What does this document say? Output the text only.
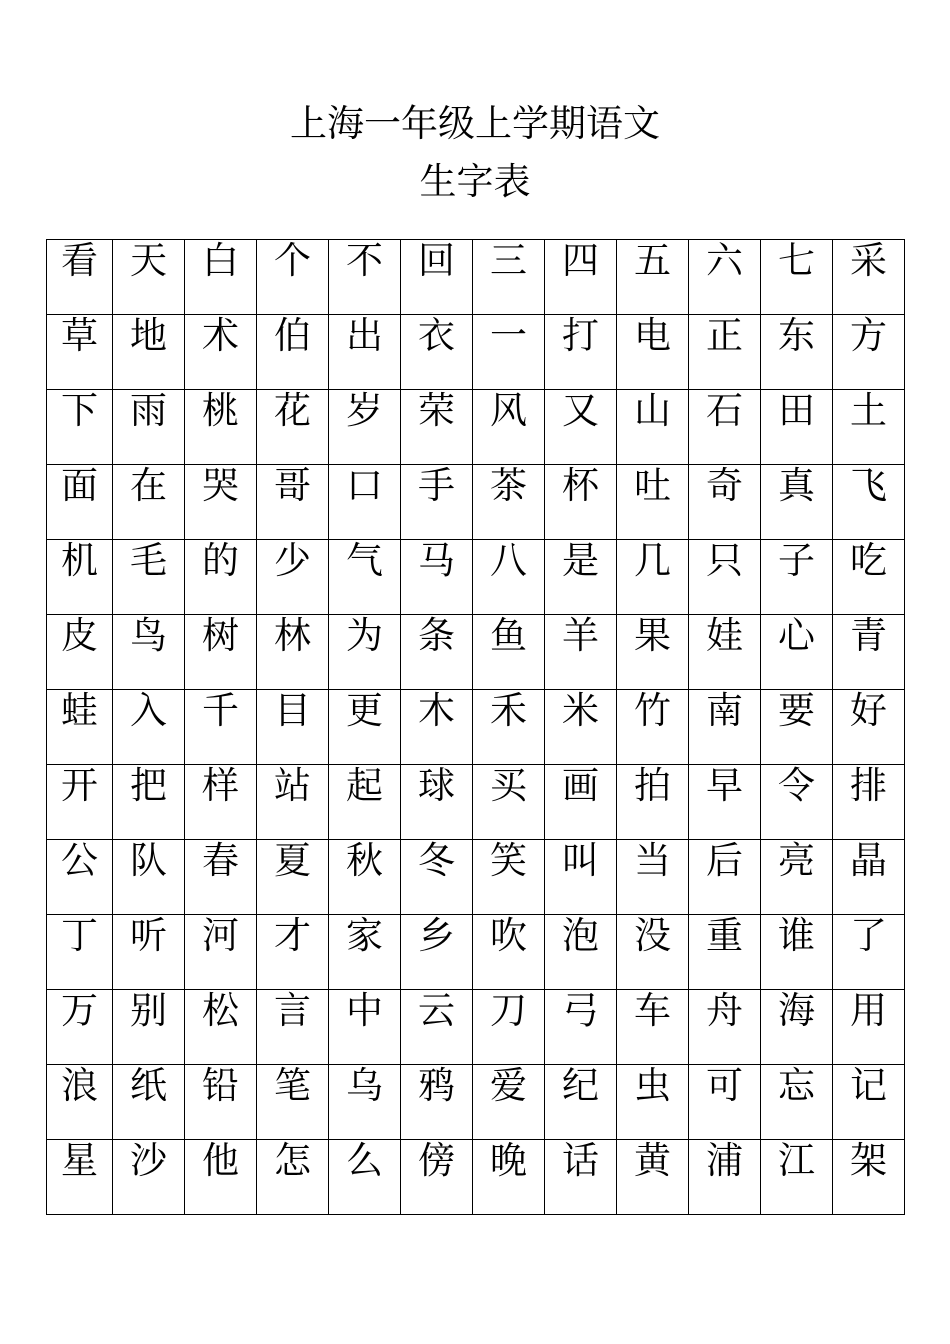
上海一年级上学期语文
生字表
看	天	白	个	不	回	三	四	五	六	七	采
草	地	术	伯	出	衣	一	打	电	正	东	方
下	雨	桃	花	岁	荣	风	又	山	石	田	土
面	在	哭	哥	口	手	茶	杯	吐	奇	真	飞
机	毛	的	少	气	马	八	是	几	只	子	吃
皮	鸟	树	林	为	条	鱼	羊	果	娃	心	青
蛙	入	千	目	更	木	禾	米	竹	南	要	好
开	把	样	站	起	球	买	画	拍	早	令	排
公	队	春	夏	秋	冬	笑	叫	当	后	亮	晶
丁	听	河	才	家	乡	吹	泡	没	重	谁	了
万	别	松	言	中	云	刀	弓	车	舟	海	用
浪	纸	铅	笔	乌	鸦	爱	纪	虫	可	忘	记
星	沙	他	怎	么	傍	晚	话	黄	浦	江	架
